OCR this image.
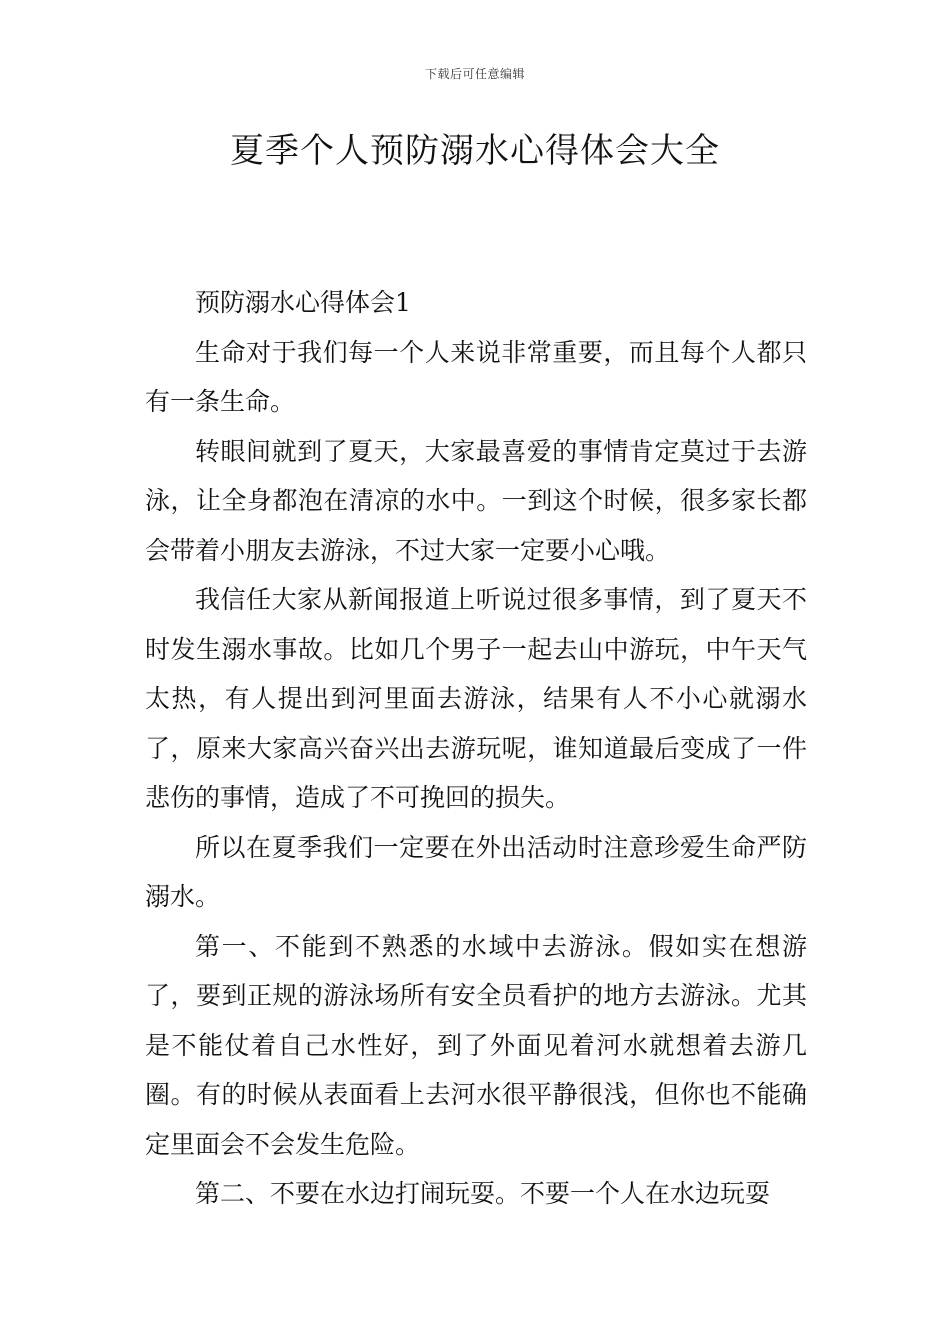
下载后可任意编辑
夏季个人预防溺水心得体会大全

预防溺水心得体会1

生命对于我们每一个人来说非常重要，而且每个人都只有一条生命。

转眼间就到了夏天，大家最喜爱的事情肯定莫过于去游泳，让全身都泡在清凉的水中。一到这个时候，很多家长都会带着小朋友去游泳，不过大家一定要小心哦。

我信任大家从新闻报道上听说过很多事情，到了夏天不时发生溺水事故。比如几个男子一起去山中游玩，中午天气太热，有人提出到河里面去游泳，结果有人不小心就溺水了，原来大家高兴奋兴出去游玩呢，谁知道最后变成了一件悲伤的事情，造成了不可挽回的损失。

所以在夏季我们一定要在外出活动时注意珍爱生命严防溺水。

第一、不能到不熟悉的水域中去游泳。假如实在想游了，要到正规的游泳场所有安全员看护的地方去游泳。尤其是不能仗着自己水性好，到了外面见着河水就想着去游几圈。有的时候从表面看上去河水很平静很浅，但你也不能确定里面会不会发生危险。

第二、不要在水边打闹玩耍。不要一个人在水边玩耍
